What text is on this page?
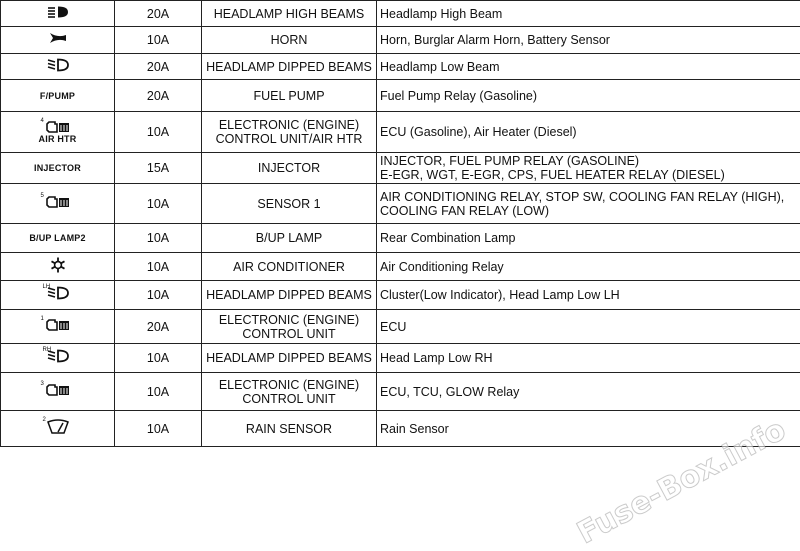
	20A	HEADLAMP HIGH BEAMS	Headlamp High Beam

	10A	HORN	Horn, Burglar Alarm Horn, Battery Sensor

	20A	HEADLAMP DIPPED BEAMS	Headlamp Low Beam

F/PUMP	20A	FUEL PUMP	Fuel Pump Relay (Gasoline)

4
AIR HTR	10A	ELECTRONIC (ENGINE) CONTROL UNIT/AIR HTR	ECU (Gasoline), Air Heater (Diesel)

INJECTOR	15A	INJECTOR	INJECTOR, FUEL PUMP RELAY (GASOLINE)
E-EGR, WGT, E-EGR, CPS, FUEL HEATER RELAY (DIESEL)

5	10A	SENSOR 1	AIR CONDITIONING RELAY, STOP SW, COOLING FAN RELAY (HIGH),
COOLING FAN RELAY (LOW)

B/UP LAMP2	10A	B/UP LAMP	Rear Combination Lamp

	10A	AIR CONDITIONER	Air Conditioning Relay

LH	10A	HEADLAMP DIPPED BEAMS	Cluster(Low Indicator), Head Lamp Low LH

1	20A	ELECTRONIC (ENGINE) CONTROL UNIT	ECU

RH	10A	HEADLAMP DIPPED BEAMS	Head Lamp Low RH

3	10A	ELECTRONIC (ENGINE) CONTROL UNIT	ECU, TCU, GLOW Relay

2	10A	RAIN SENSOR	Rain Sensor	Fuse-Box.info
